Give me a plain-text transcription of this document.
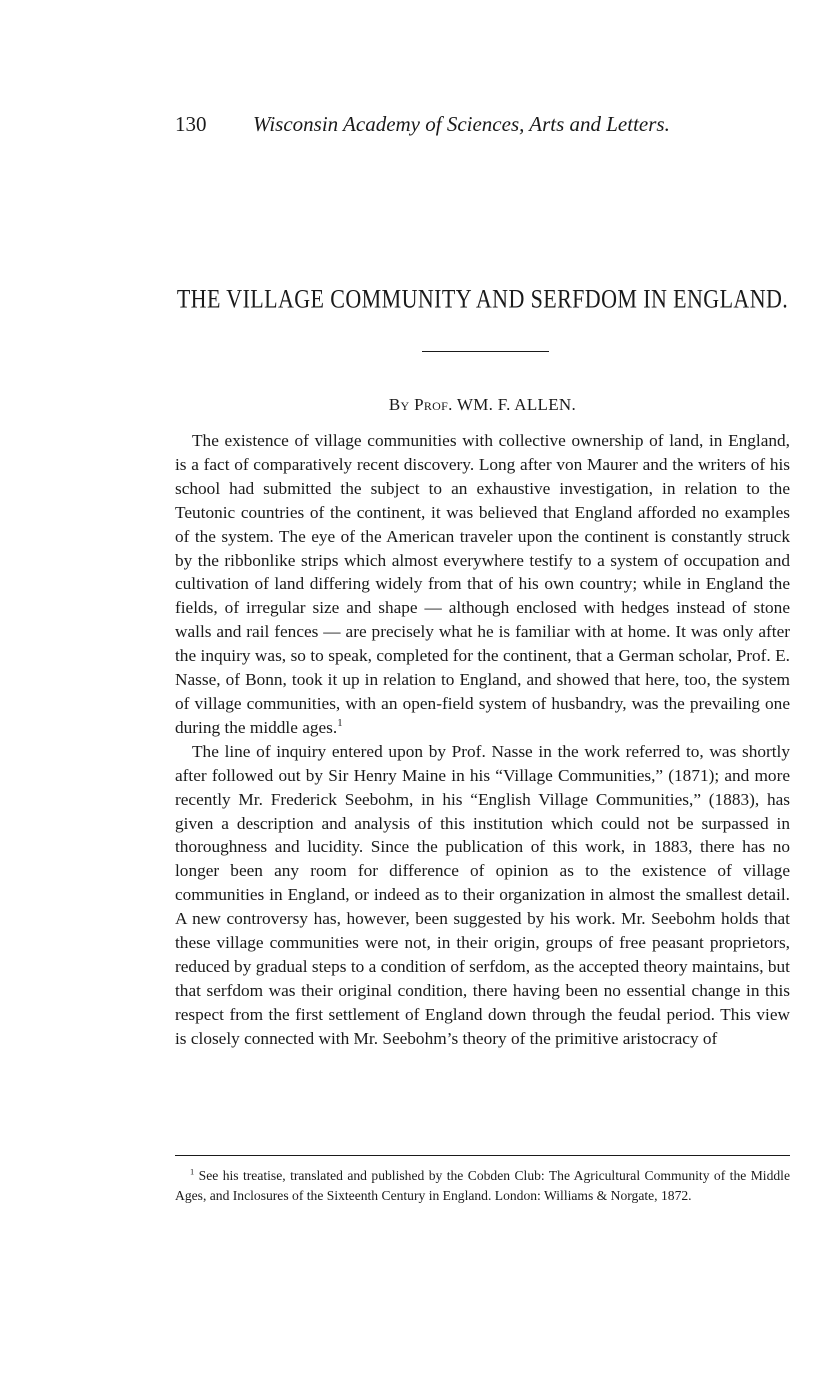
130 Wisconsin Academy of Sciences, Arts and Letters.
THE VILLAGE COMMUNITY AND SERFDOM IN ENGLAND.
By Prof. WM. F. ALLEN.

The existence of village communities with collective ownership of land, in England, is a fact of comparatively recent discovery. Long after von Maurer and the writers of his school had submitted the subject to an exhaustive investigation, in relation to the Teutonic countries of the continent, it was believed that England afforded no examples of the system. The eye of the American traveler upon the continent is constantly struck by the ribbonlike strips which almost everywhere testify to a system of occupation and cultivation of land differing widely from that of his own country; while in England the fields, of irregular size and shape — although enclosed with hedges instead of stone walls and rail fences — are precisely what he is familiar with at home. It was only after the inquiry was, so to speak, completed for the continent, that a German scholar, Prof. E. Nasse, of Bonn, took it up in relation to England, and showed that here, too, the system of village communities, with an open-field system of husbandry, was the prevailing one during the middle ages.$^1$

The line of inquiry entered upon by Prof. Nasse in the work referred to, was shortly after followed out by Sir Henry Maine in his “Village Communities,” (1871); and more recently Mr. Frederick Seebohm, in his “English Village Communities,” (1883), has given a description and analysis of this institution which could not be surpassed in thoroughness and lucidity. Since the publication of this work, in 1883, there has no longer been any room for difference of opinion as to the existence of village communities in England, or indeed as to their organization in almost the smallest detail. A new controversy has, however, been suggested by his work. Mr. Seebohm holds that these village communities were not, in their origin, groups of free peasant proprietors, reduced by gradual steps to a condition of serfdom, as the accepted theory maintains, but that serfdom was their original condition, there having been no essential change in this respect from the first settlement of England down through the feudal period. This view is closely connected with Mr. Seebohm’s theory of the primitive aristocracy of

$^1$ See his treatise, translated and published by the Cobden Club: The Agricultural Community of the Middle Ages, and Inclosures of the Sixteenth Century in England. London: Williams & Norgate, 1872.
